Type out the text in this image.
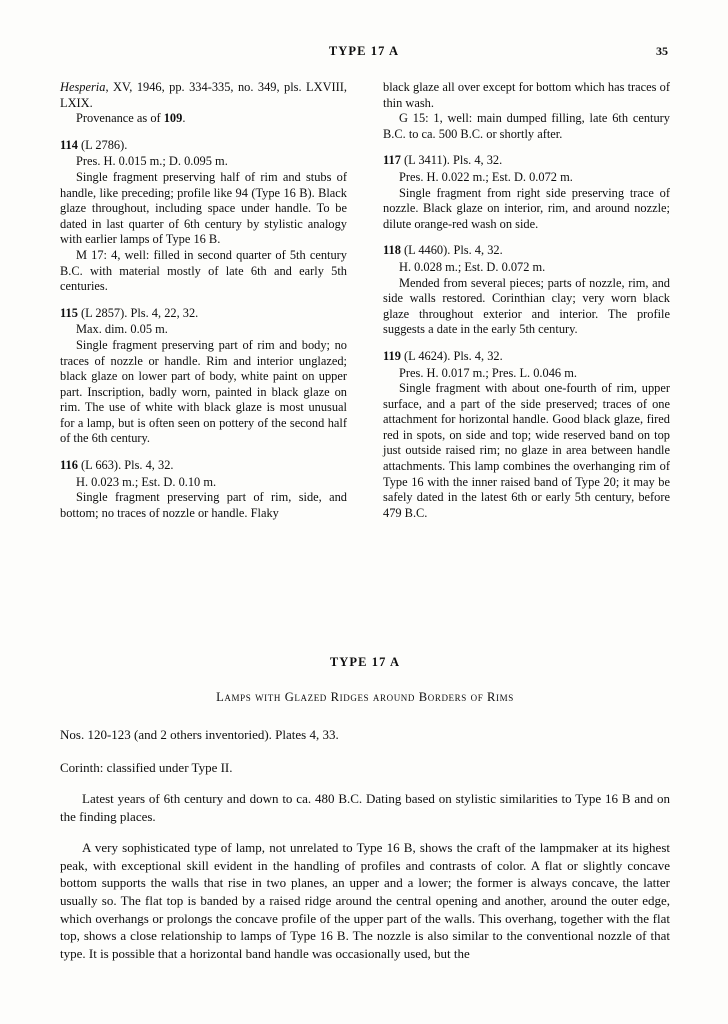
TYPE 17 A	35

Hesperia, XV, 1946, pp. 334-335, no. 349, pls. LXVIII, LXIX.

Provenance as of 109.

114 (L 2786).

Pres. H. 0.015 m.; D. 0.095 m.

Single fragment preserving half of rim and stubs of handle, like preceding; profile like 94 (Type 16 B). Black glaze throughout, including space under handle. To be dated in last quarter of 6th century by stylistic analogy with earlier lamps of Type 16 B.

M 17: 4, well: filled in second quarter of 5th century B.C. with material mostly of late 6th and early 5th centuries.

115 (L 2857). Pls. 4, 22, 32.

Max. dim. 0.05 m.

Single fragment preserving part of rim and body; no traces of nozzle or handle. Rim and interior unglazed; black glaze on lower part of body, white paint on upper part. Inscription, badly worn, painted in black glaze on rim. The use of white with black glaze is most unusual for a lamp, but is often seen on pottery of the second half of the 6th century.

116 (L 663). Pls. 4, 32.

H. 0.023 m.; Est. D. 0.10 m.

Single fragment preserving part of rim, side, and bottom; no traces of nozzle or handle. Flaky

black glaze all over except for bottom which has traces of thin wash.

G 15: 1, well: main dumped filling, late 6th century B.C. to ca. 500 B.C. or shortly after.

117 (L 3411). Pls. 4, 32.

Pres. H. 0.022 m.; Est. D. 0.072 m.

Single fragment from right side preserving trace of nozzle. Black glaze on interior, rim, and around nozzle; dilute orange-red wash on side.

118 (L 4460). Pls. 4, 32.

H. 0.028 m.; Est. D. 0.072 m.

Mended from several pieces; parts of nozzle, rim, and side walls restored. Corinthian clay; very worn black glaze throughout exterior and interior. The profile suggests a date in the early 5th century.

119 (L 4624). Pls. 4, 32.

Pres. H. 0.017 m.; Pres. L. 0.046 m.

Single fragment with about one-fourth of rim, upper surface, and a part of the side preserved; traces of one attachment for horizontal handle. Good black glaze, fired red in spots, on side and top; wide reserved band on top just outside raised rim; no glaze in area between handle attachments. This lamp combines the overhanging rim of Type 16 with the inner raised band of Type 20; it may be safely dated in the latest 6th or early 5th century, before 479 B.C.

TYPE 17 A
Lamps with Glazed Ridges around Borders of Rims

Nos. 120-123 (and 2 others inventoried). Plates 4, 33.

Corinth: classified under Type II.

Latest years of 6th century and down to ca. 480 B.C. Dating based on stylistic similarities to Type 16 B and on the finding places.

A very sophisticated type of lamp, not unrelated to Type 16 B, shows the craft of the lampmaker at its highest peak, with exceptional skill evident in the handling of profiles and contrasts of color. A flat or slightly concave bottom supports the walls that rise in two planes, an upper and a lower; the former is always concave, the latter usually so. The flat top is banded by a raised ridge around the central opening and another, around the outer edge, which overhangs or prolongs the concave profile of the upper part of the walls. This overhang, together with the flat top, shows a close relationship to lamps of Type 16 B. The nozzle is also similar to the conventional nozzle of that type. It is possible that a horizontal band handle was occasionally used, but the
